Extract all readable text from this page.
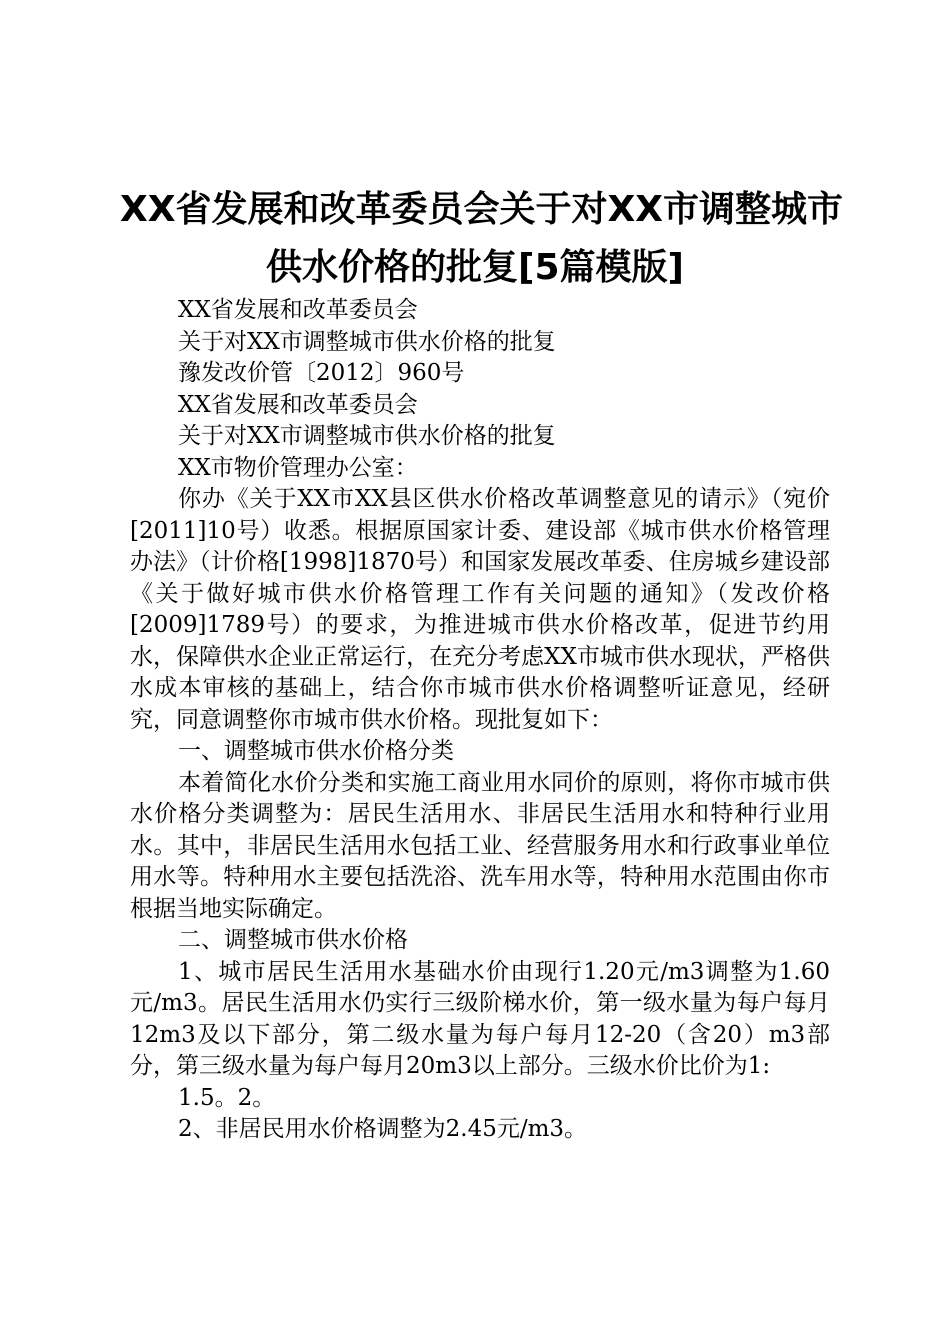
XX省发展和改革委员会关于对XX市调整城市
供水价格的批复[5篇模版]
XX省发展和改革委员会
关于对XX市调整城市供水价格的批复
豫发改价管〔2012〕960号
XX省发展和改革委员会
关于对XX市调整城市供水价格的批复
XX市物价管理办公室：

你办《关于XX市XX县区供水价格改革调整意见的请示》（宛价[2011]10号）收悉。根据原国家计委、建设部《城市供水价格管理办法》（计价格[1998]1870号）和国家发展改革委、住房城乡建设部《关于做好城市供水价格管理工作有关问题的通知》（发改价格[2009]1789号）的要求，为推进城市供水价格改革，促进节约用水，保障供水企业正常运行，在充分考虑XX市城市供水现状，严格供水成本审核的基础上，结合你市城市供水价格调整听证意见，经研究，同意调整你市城市供水价格。现批复如下：

一、调整城市供水价格分类

本着简化水价分类和实施工商业用水同价的原则，将你市城市供水价格分类调整为：居民生活用水、非居民生活用水和特种行业用水。其中，非居民生活用水包括工业、经营服务用水和行政事业单位用水等。特种用水主要包括洗浴、洗车用水等，特种用水范围由你市根据当地实际确定。

二、调整城市供水价格

1、城市居民生活用水基础水价由现行1.20元/m3调整为1.60元/m3。居民生活用水仍实行三级阶梯水价，第一级水量为每户每月12m3及以下部分，第二级水量为每户每月12-20（含20）m3部分，第三级水量为每户每月20m3以上部分。三级水价比价为1:

1.5。2。
2、非居民用水价格调整为2.45元/m3。
